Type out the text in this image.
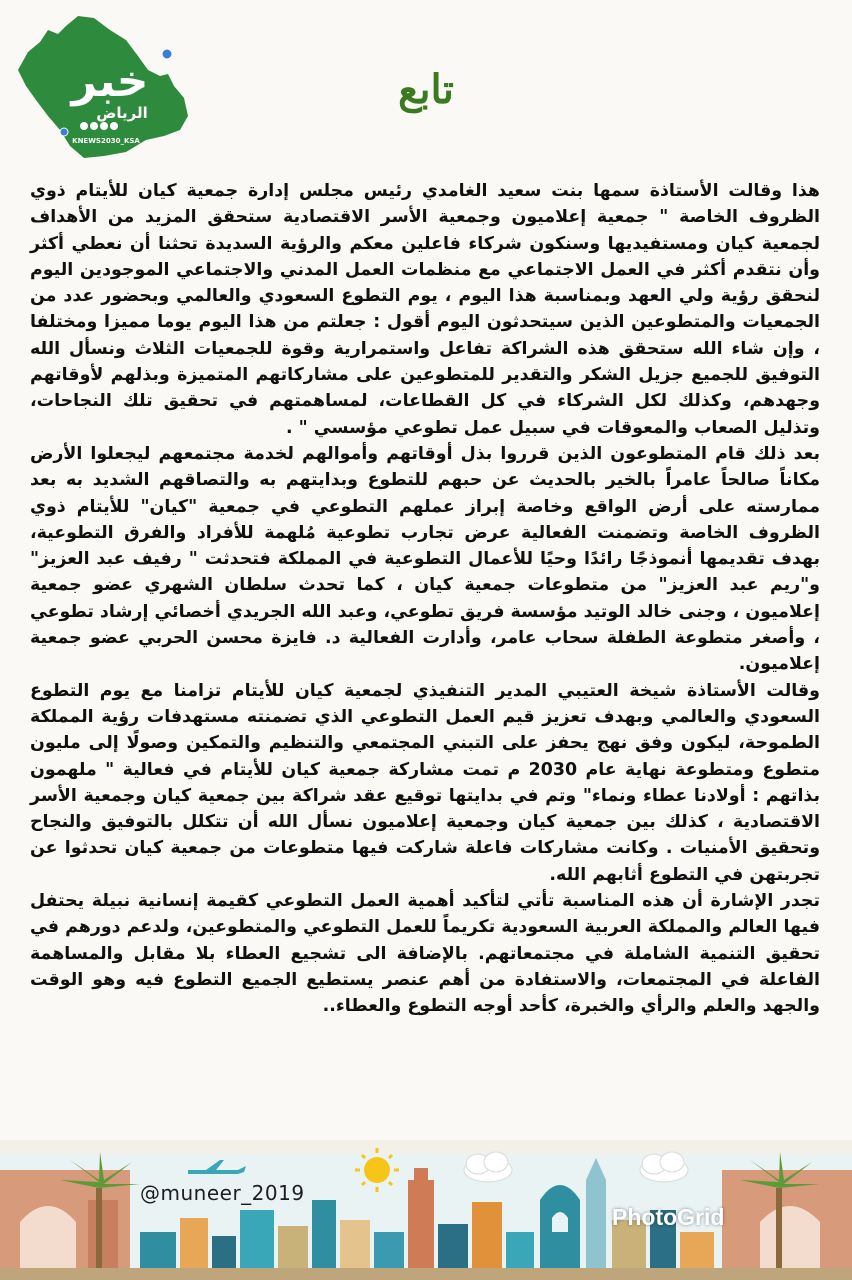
خبر
الرياض
KNEWS2030_KSA
تابع

هذا وقالت الأستاذة سمها بنت سعيد الغامدي رئيس مجلس إدارة جمعية كيان للأيتام ذوي الظروف الخاصة " جمعية إعلاميون وجمعية الأسر الاقتصادية ستحقق المزيد من الأهداف لجمعية كيان ومستفيديها وسنكون شركاء فاعلين معكم والرؤية السديدة تحثنا أن نعطي أكثر وأن نتقدم أكثر في العمل الاجتماعي مع منظمات العمل المدني والاجتماعي الموجودين اليوم لنحقق رؤية ولي العهد وبمناسبة هذا اليوم ، يوم التطوع السعودي والعالمي وبحضور عدد من الجمعيات والمتطوعين الذين سيتحدثون اليوم أقول : جعلتم من هذا اليوم يوما مميزا ومختلفا ، وإن شاء الله ستحقق هذه الشراكة تفاعل واستمرارية وقوة للجمعيات الثلاث ونسأل الله التوفيق للجميع جزيل الشكر والتقدير للمتطوعين على مشاركاتهم المتميزة وبذلهم لأوقاتهم وجهدهم، وكذلك لكل الشركاء في كل القطاعات، لمساهمتهم في تحقيق تلك النجاحات، وتذليل الصعاب والمعوقات في سبيل عمل تطوعي مؤسسي " .

بعد ذلك قام المتطوعون الذين قرروا بذل أوقاتهم وأموالهم لخدمة مجتمعهم ليجعلوا الأرض مكاناً صالحاً عامراً بالخير بالحديث عن حبهم للتطوع وبدايتهم به والتصاقهم الشديد به بعد ممارسته على أرض الواقع وخاصة إبراز عملهم التطوعي في جمعية "كيان" للأيتام ذوي الظروف الخاصة وتضمنت الفعالية عرض تجارب تطوعية مُلهمة للأفراد والفرق التطوعية، بهدف تقديمها أنموذجًا رائدًا وحيًا للأعمال التطوعية في المملكة فتحدثت " رفيف عبد العزيز" و"ريم عبد العزيز" من متطوعات جمعية كيان ، كما تحدث سلطان الشهري عضو جمعية إعلاميون ، وجنى خالد الوتيد مؤسسة فريق تطوعي، وعبد الله الجريدي أخصائي إرشاد تطوعي ، وأصغر متطوعة الطفلة سحاب عامر، وأدارت الفعالية د. فايزة محسن الحربي عضو جمعية إعلاميون.

وقالت الأستاذة شيخة العتيبي المدير التنفيذي لجمعية كيان للأيتام تزامنا مع يوم التطوع السعودي والعالمي وبهدف تعزيز قيم العمل التطوعي الذي تضمنته مستهدفات رؤية المملكة الطموحة، ليكون وفق نهج يحفز على التبني المجتمعي والتنظيم والتمكين وصولًا إلى مليون متطوع ومتطوعة نهاية عام 2030 م تمت مشاركة جمعية كيان للأيتام في فعالية " ملهمون بذاتهم : أولادنا عطاء ونماء" وتم في بدايتها توقيع عقد شراكة بين جمعية كيان وجمعية الأسر الاقتصادية ، كذلك بين جمعية كيان وجمعية إعلاميون نسأل الله أن تتكلل بالتوفيق والنجاح وتحقيق الأمنيات . وكانت مشاركات فاعلة شاركت فيها متطوعات من جمعية كيان تحدثوا عن تجربتهن في التطوع أثابهم الله.

تجدر الإشارة أن هذه المناسبة تأتي لتأكيد أهمية العمل التطوعي كقيمة إنسانية نبيلة يحتفل فيها العالم والمملكة العربية السعودية تكريماً للعمل التطوعي والمتطوعين، ولدعم دورهم في تحقيق التنمية الشاملة في مجتمعاتهم. بالإضافة الى تشجيع العطاء بلا مقابل والمساهمة الفاعلة في المجتمعات، والاستفادة من أهم عنصر يستطيع الجميع التطوع فيه وهو الوقت والجهد والعلم والرأي والخبرة، كأحد أوجه التطوع والعطاء..

@muneer_2019
PhotoGrid
